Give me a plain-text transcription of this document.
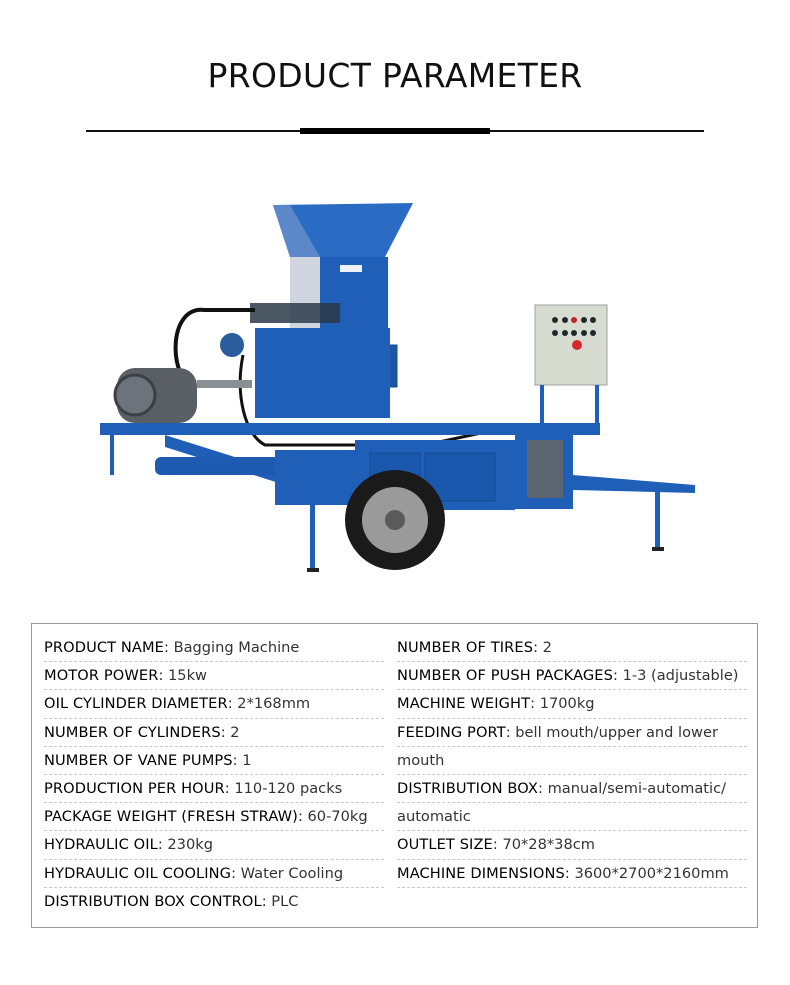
PRODUCT PARAMETER
PRODUCT NAME: Bagging Machine
MOTOR POWER: 15kw
OIL CYLINDER DIAMETER: 2*168mm
NUMBER OF CYLINDERS: 2
NUMBER OF VANE PUMPS: 1
PRODUCTION PER HOUR: 110-120 packs
PACKAGE WEIGHT (FRESH STRAW): 60-70kg
HYDRAULIC OIL: 230kg
HYDRAULIC OIL COOLING: Water Cooling
DISTRIBUTION BOX CONTROL: PLC
NUMBER OF TIRES: 2
NUMBER OF PUSH PACKAGES: 1-3 (adjustable)
MACHINE WEIGHT: 1700kg
FEEDING PORT: bell mouth/upper and lower
mouth
DISTRIBUTION BOX: manual/semi-automatic/
automatic
OUTLET SIZE: 70*28*38cm
MACHINE DIMENSIONS: 3600*2700*2160mm
